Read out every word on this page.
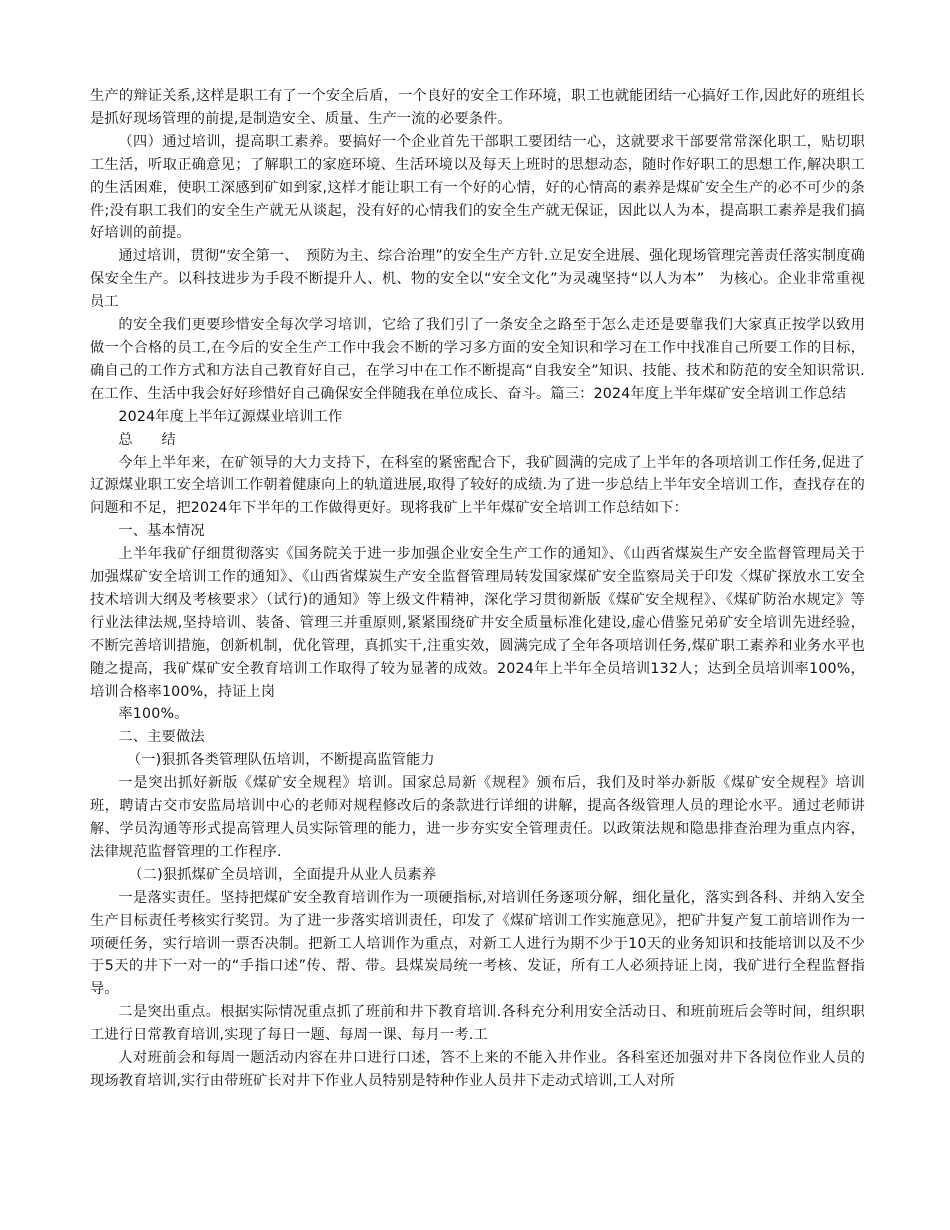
生产的辩证关系,这样是职工有了一个安全后盾，一个良好的安全工作环境，职工也就能团结一心搞好工作,因此好的班组长是抓好现场管理的前提,是制造安全、质量、生产一流的必要条件。

（四）通过培训，提高职工素养。要搞好一个企业首先干部职工要团结一心，这就要求干部要常常深化职工，贴切职工生活，听取正确意见；了解职工的家庭环境、生活环境以及每天上班时的思想动态，随时作好职工的思想工作,解决职工的生活困难，使职工深感到矿如到家,这样才能让职工有一个好的心情，好的心情高的素养是煤矿安全生产的必不可少的条件;没有职工我们的安全生产就无从谈起，没有好的心情我们的安全生产就无保证，因此以人为本，提高职工素养是我们搞好培训的前提。

通过培训，贯彻“安全第一、　预防为主、综合治理”的安全生产方针.立足安全进展、强化现场管理完善责任落实制度确保安全生产。以科技进步为手段不断提升人、机、物的安全以“安全文化”为灵魂坚持“以人为本”　为核心。企业非常重视员工

的安全我们更要珍惜安全每次学习培训，它给了我们引了一条安全之路至于怎么走还是要靠我们大家真正按学以致用做一个合格的员工,在今后的安全生产工作中我会不断的学习多方面的安全知识和学习在工作中找准自己所要工作的目标，确自己的工作方式和方法自己教育好自己，在学习中在工作不断提高“自我安全”知识、技能、技术和防范的安全知识常识.在工作、生活中我会好好珍惜好自己确保安全伴随我在单位成长、奋斗。篇三：2024年度上半年煤矿安全培训工作总结

2024年度上半年辽源煤业培训工作

总　　结

今年上半年来，在矿领导的大力支持下，在科室的紧密配合下，我矿圆满的完成了上半年的各项培训工作任务,促进了辽源煤业职工安全培训工作朝着健康向上的轨道进展,取得了较好的成绩.为了进一步总结上半年安全培训工作，查找存在的问题和不足，把2024年下半年的工作做得更好。现将我矿上半年煤矿安全培训工作总结如下：

一、基本情况

上半年我矿仔细贯彻落实《国务院关于进一步加强企业安全生产工作的通知》、《山西省煤炭生产安全监督管理局关于加强煤矿安全培训工作的通知》、《山西省煤炭生产安全监督管理局转发国家煤矿安全监察局关于印发〈煤矿探放水工安全技术培训大纲及考核要求〉（试行)的通知》等上级文件精神，深化学习贯彻新版《煤矿安全规程》、《煤矿防治水规定》等行业法律法规,坚持培训、装备、管理三并重原则,紧紧围绕矿井安全质量标准化建设,虚心借鉴兄弟矿安全培训先进经验，不断完善培训措施，创新机制，优化管理，真抓实干,注重实效，圆满完成了全年各项培训任务,煤矿职工素养和业务水平也随之提高，我矿煤矿安全教育培训工作取得了较为显著的成效。2024年上半年全员培训132人；达到全员培训率100%，培训合格率100%，持证上岗

率100%。

二、主要做法

（一)狠抓各类管理队伍培训，不断提高监管能力

一是突出抓好新版《煤矿安全规程》培训。国家总局新《规程》颁布后，我们及时举办新版《煤矿安全规程》培训班，聘请古交市安监局培训中心的老师对规程修改后的条款进行详细的讲解，提高各级管理人员的理论水平。通过老师讲解、学员沟通等形式提高管理人员实际管理的能力，进一步夯实安全管理责任。以政策法规和隐患排查治理为重点内容，法律规范监督管理的工作程序.

（二)狠抓煤矿全员培训，全面提升从业人员素养

一是落实责任。坚持把煤矿安全教育培训作为一项硬指标,对培训任务逐项分解，细化量化，落实到各科、并纳入安全生产目标责任考核实行奖罚。为了进一步落实培训责任，印发了《煤矿培训工作实施意见》，把矿井复产复工前培训作为一项硬任务，实行培训一票否决制。把新工人培训作为重点，对新工人进行为期不少于10天的业务知识和技能培训以及不少于5天的井下一对一的“手指口述”传、帮、带。县煤炭局统一考核、发证，所有工人必须持证上岗，我矿进行全程监督指导。

二是突出重点。根据实际情况重点抓了班前和井下教育培训.各科充分利用安全活动日、和班前班后会等时间，组织职工进行日常教育培训,实现了每日一题、每周一课、每月一考.工

人对班前会和每周一题活动内容在井口进行口述，答不上来的不能入井作业。各科室还加强对井下各岗位作业人员的现场教育培训,实行由带班矿长对井下作业人员特别是特种作业人员井下走动式培训,工人对所
